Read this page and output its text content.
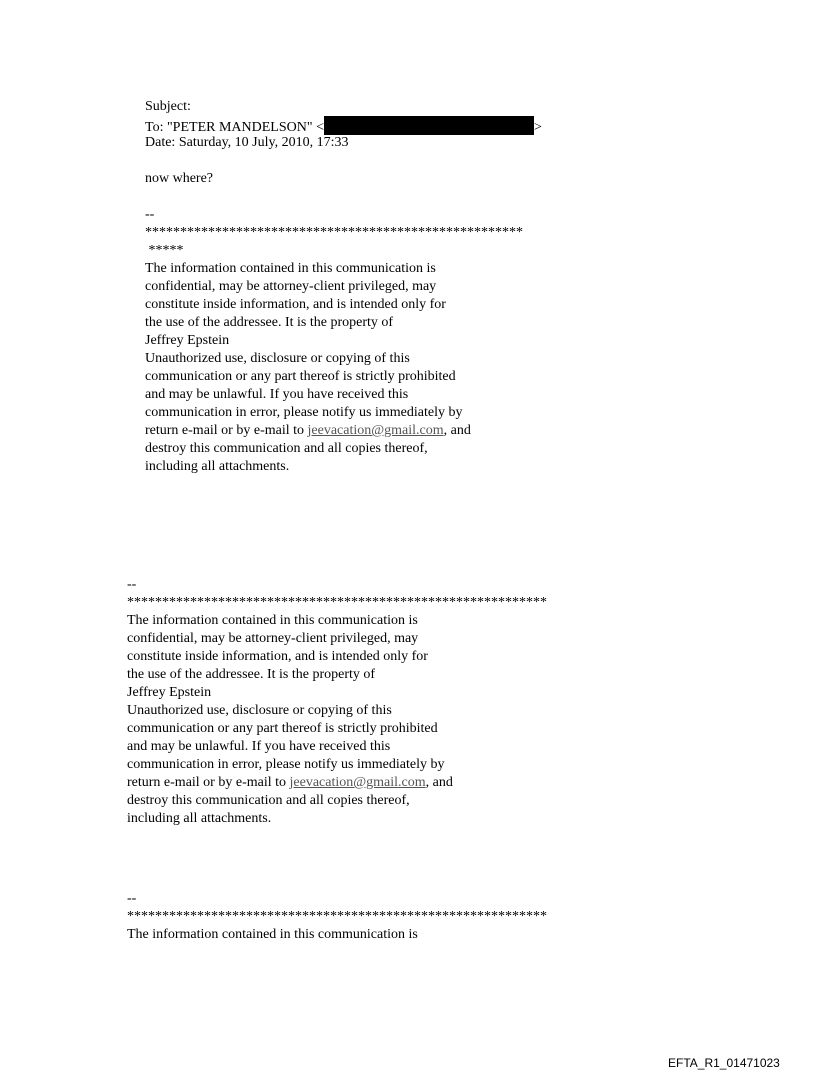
Subject:
To: "PETER MANDELSON" <	>
Date: Saturday, 10 July, 2010, 17:33
now where?
--
******************************************************
*****
The information contained in this communication is
confidential, may be attorney-client privileged, may
constitute inside information, and is intended only for
the use of the addressee. It is the property of
Jeffrey Epstein
Unauthorized use, disclosure or copying of this
communication or any part thereof is strictly prohibited
and may be unlawful. If you have received this
communication in error, please notify us immediately by
return e-mail or by e-mail to jeevacation@gmail.com, and
destroy this communication and all copies thereof,
including all attachments.
--
************************************************************
The information contained in this communication is
confidential, may be attorney-client privileged, may
constitute inside information, and is intended only for
the use of the addressee. It is the property of
Jeffrey Epstein
Unauthorized use, disclosure or copying of this
communication or any part thereof is strictly prohibited
and may be unlawful. If you have received this
communication in error, please notify us immediately by
return e-mail or by e-mail to jeevacation@gmail.com, and
destroy this communication and all copies thereof,
including all attachments.
--
************************************************************
The information contained in this communication is
EFTA_R1_01471023
